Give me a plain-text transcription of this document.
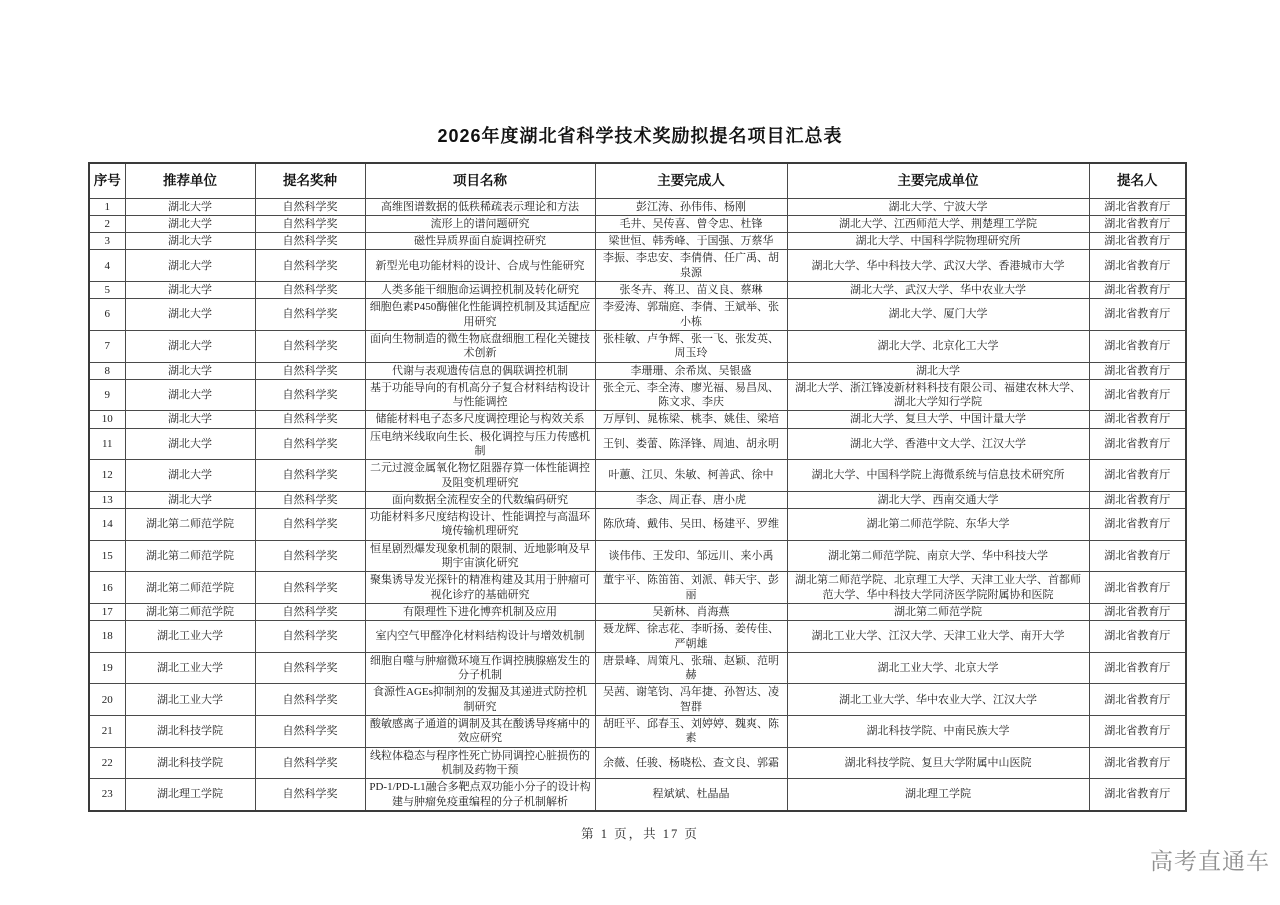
2026年度湖北省科学技术奖励拟提名项目汇总表
序号	推荐单位	提名奖种	项目名称	主要完成人	主要完成单位	提名人
1	湖北大学	自然科学奖	高维图谱数据的低秩稀疏表示理论和方法	彭江涛、孙伟伟、杨刚	湖北大学、宁波大学	湖北省教育厅
2	湖北大学	自然科学奖	流形上的谱问题研究	毛井、吴传喜、曾令忠、杜锋	湖北大学、江西师范大学、荆楚理工学院	湖北省教育厅
3	湖北大学	自然科学奖	磁性异质界面自旋调控研究	梁世恒、韩秀峰、于国强、万蔡华	湖北大学、中国科学院物理研究所	湖北省教育厅
4	湖北大学	自然科学奖	新型光电功能材料的设计、合成与性能研究	李振、李忠安、李倩倩、任广禹、胡泉源	湖北大学、华中科技大学、武汉大学、香港城市大学	湖北省教育厅
5	湖北大学	自然科学奖	人类多能干细胞命运调控机制及转化研究	张冬卉、蒋卫、苗义良、蔡琳	湖北大学、武汉大学、华中农业大学	湖北省教育厅
6	湖北大学	自然科学奖	细胞色素P450酶催化性能调控机制及其适配应用研究	李爱涛、郭瑞庭、李倩、王斌举、张小栋	湖北大学、厦门大学	湖北省教育厅
7	湖北大学	自然科学奖	面向生物制造的微生物底盘细胞工程化关键技术创新	张桂敏、卢争辉、张一飞、张发英、周玉玲	湖北大学、北京化工大学	湖北省教育厅
8	湖北大学	自然科学奖	代谢与表观遗传信息的偶联调控机制	李珊珊、余希岚、吴银盛	湖北大学	湖北省教育厅
9	湖北大学	自然科学奖	基于功能导向的有机高分子复合材料结构设计与性能调控	张全元、李全涛、廖光福、易昌凤、陈文求、李庆	湖北大学、浙江锋凌新材料科技有限公司、福建农林大学、湖北大学知行学院	湖北省教育厅
10	湖北大学	自然科学奖	储能材料电子态多尺度调控理论与构效关系	万厚钊、晁栋梁、桃李、姚佳、梁培	湖北大学、复旦大学、中国计量大学	湖北省教育厅
11	湖北大学	自然科学奖	压电纳米线取向生长、极化调控与压力传感机制	王钊、娄蕾、陈泽锋、周迪、胡永明	湖北大学、香港中文大学、江汉大学	湖北省教育厅
12	湖北大学	自然科学奖	二元过渡金属氧化物忆阻器存算一体性能调控及阻变机理研究	叶蕙、江贝、朱敏、柯善武、徐中	湖北大学、中国科学院上海微系统与信息技术研究所	湖北省教育厅
13	湖北大学	自然科学奖	面向数据全流程安全的代数编码研究	李念、周正春、唐小虎	湖北大学、西南交通大学	湖北省教育厅
14	湖北第二师范学院	自然科学奖	功能材料多尺度结构设计、性能调控与高温环境传输机理研究	陈欣琦、戴伟、吴田、杨建平、罗维	湖北第二师范学院、东华大学	湖北省教育厅
15	湖北第二师范学院	自然科学奖	恒星剧烈爆发现象机制的限制、近地影响及早期宇宙演化研究	谈伟伟、王发印、邹远川、来小禹	湖北第二师范学院、南京大学、华中科技大学	湖北省教育厅
16	湖北第二师范学院	自然科学奖	聚集诱导发光探针的精准构建及其用于肿瘤可视化诊疗的基础研究	董宇平、陈笛笛、刘派、韩天宇、彭丽	湖北第二师范学院、北京理工大学、天津工业大学、首都师范大学、华中科技大学同济医学院附属协和医院	湖北省教育厅
17	湖北第二师范学院	自然科学奖	有限理性下进化博弈机制及应用	吴新林、肖海燕	湖北第二师范学院	湖北省教育厅
18	湖北工业大学	自然科学奖	室内空气甲醛净化材料结构设计与增效机制	聂龙辉、徐志花、李昕扬、姜传佳、严朝雄	湖北工业大学、江汉大学、天津工业大学、南开大学	湖北省教育厅
19	湖北工业大学	自然科学奖	细胞自噬与肿瘤微环境互作调控胰腺癌发生的分子机制	唐景峰、周策凡、张瑞、赵颖、范明赫	湖北工业大学、北京大学	湖北省教育厅
20	湖北工业大学	自然科学奖	食源性AGEs抑制剂的发掘及其递进式防控机制研究	吴茜、谢笔钧、冯年捷、孙智达、凌智群	湖北工业大学、华中农业大学、江汉大学	湖北省教育厅
21	湖北科技学院	自然科学奖	酸敏感离子通道的调制及其在酸诱导疼痛中的效应研究	胡旺平、邱春玉、刘婷婷、魏爽、陈素	湖北科技学院、中南民族大学	湖北省教育厅
22	湖北科技学院	自然科学奖	线粒体稳态与程序性死亡协同调控心脏损伤的机制及药物干预	余薇、任骏、杨晓松、查文良、郭霜	湖北科技学院、复旦大学附属中山医院	湖北省教育厅
23	湖北理工学院	自然科学奖	PD-1/PD-L1融合多靶点双功能小分子的设计构建与肿瘤免疫重编程的分子机制解析	程斌斌、杜晶晶	湖北理工学院	湖北省教育厅
第 1 页，共 17 页
高考直通车
